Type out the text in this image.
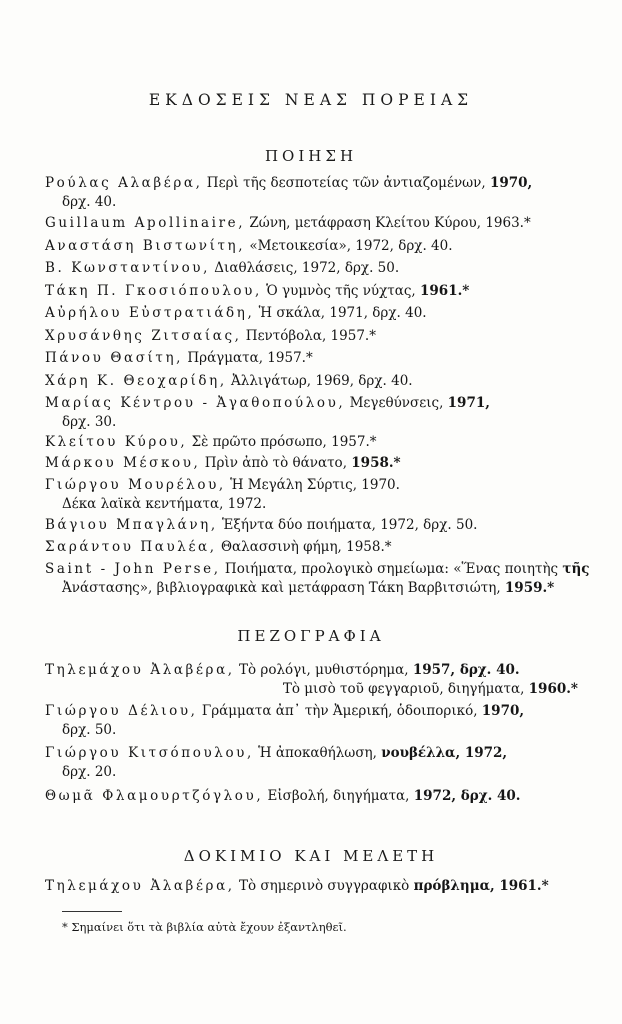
ΕΚΔΟΣΕΙΣ ΝΕΑΣ ΠΟΡΕΙΑΣ
ΠΟΙΗΣΗ
Ρούλας Αλαβέρα, Περὶ τῆς δεσποτείας τῶν ἀντιαζομένων, 1970,
δρχ. 40.
Guillaum Apollinaire, Ζώνη, μετάφραση Κλείτου Κύρου, 1963.*
Αναστάση Βιστωνίτη, «Μετοικεσία», 1972, δρχ. 40.
Β. Κωνσταντίνου, Διαθλάσεις, 1972, δρχ. 50.
Τάκη Π. Γκοσιόπουλου, Ὁ γυμνὸς τῆς νύχτας, 1961.*
Αὐρήλου Εὐστρατιάδη, Ἡ σκάλα, 1971, δρχ. 40.
Χρυσάνθης Ζιτσαίας, Πεντόβολα, 1957.*
Πάνου Θασίτη, Πράγματα, 1957.*
Χάρη Κ. Θεοχαρίδη, Ἀλλιγάτωρ, 1969, δρχ. 40.
Μαρίας Κέντρου - Ἀγαθοπούλου, Μεγεθύνσεις, 1971,
δρχ. 30.
Κλείτου Κύρου, Σὲ πρῶτο πρόσωπο, 1957.*
Μάρκου Μέσκου, Πρὶν ἀπὸ τὸ θάνατο, 1958.*
Γιώργου Μουρέλου, Ἡ Μεγάλη Σύρτις, 1970.
Δέκα λαϊκὰ κεντήματα, 1972.
Βάγιου Μπαγλάνη, Ἑξήντα δύο ποιήματα, 1972, δρχ. 50.
Σαράντου Παυλέα, Θαλασσινὴ φήμη, 1958.*
Saint - John Perse, Ποιήματα, προλογικὸ σημείωμα: «Ἕνας ποιητὴς τῆς
Ἀνάστασης», βιβλιογραφικὰ καὶ μετάφραση Τάκη Βαρβιτσιώτη, 1959.*
ΠΕΖΟΓΡΑΦΙΑ
Τηλεμάχου Ἀλαβέρα, Τὸ ρολόγι, μυθιστόρημα, 1957, δρχ. 40.
Τὸ μισὸ τοῦ φεγγαριοῦ, διηγήματα, 1960.*
Γιώργου Δέλιου, Γράμματα ἀπ᾽ τὴν Ἀμερική, ὁδοιπορικό, 1970,
δρχ. 50.
Γιώργου Κιτσόπουλου, Ἡ ἀποκαθήλωση, νουβέλλα, 1972,
δρχ. 20.
Θωμᾶ Φλαμουρτζόγλου, Εἰσβολή, διηγήματα, 1972, δρχ. 40.
ΔΟΚΙΜΙΟ ΚΑΙ ΜΕΛΕΤΗ
Τηλεμάχου Ἀλαβέρα, Τὸ σημερινὸ συγγραφικὸ πρόβλημα, 1961.*
* Σημαίνει ὅτι τὰ βιβλία αὐτὰ ἔχουν ἐξαντληθεῖ.
